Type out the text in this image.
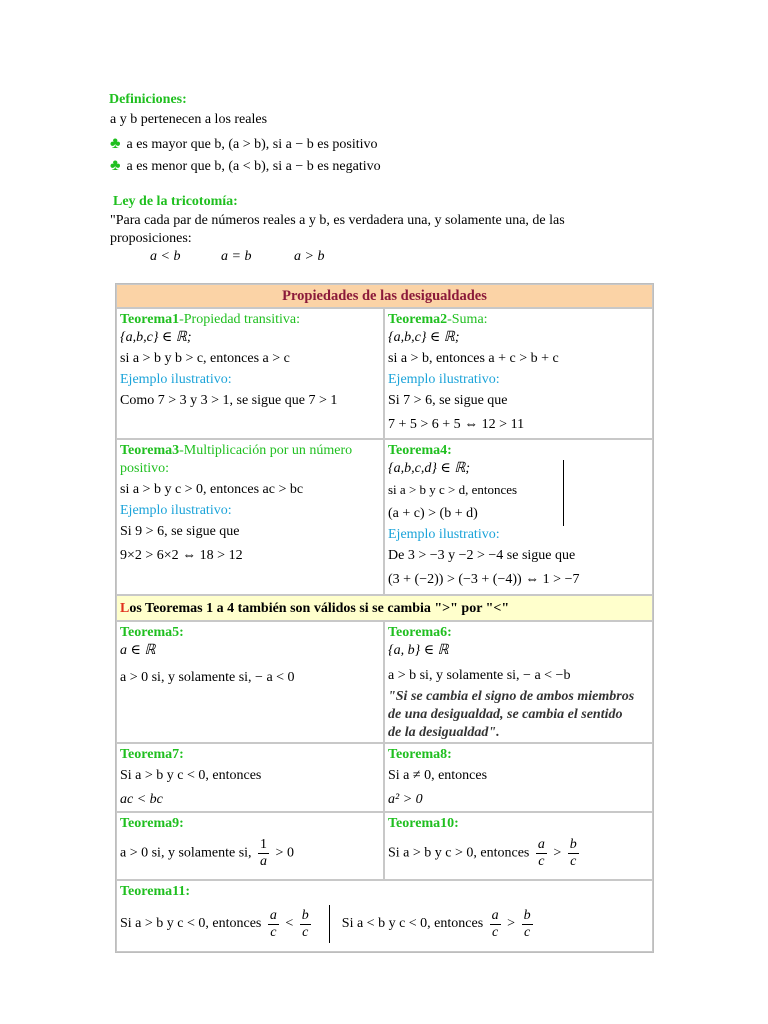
Definiciones:
a y b pertenecen a los reales
♣ a es mayor que b, (a > b), si a − b es positivo
♣ a es menor que b, (a < b), si a − b es negativo
Ley de la tricotomía:
"Para cada par de números reales a y b, es verdadera una, y solamente una, de las
proposiciones:
a < b	a = b	a > b
Propiedades de las desigualdades
Teorema1-Propiedad transitiva:
{a,b,c} ∈ ℝ;
si a > b y b > c, entonces a > c
Ejemplo ilustrativo:
Como 7 > 3 y 3 > 1, se sigue que 7 > 1
Teorema2-Suma:
{a,b,c} ∈ ℝ;
si a > b, entonces a + c > b + c
Ejemplo ilustrativo:
Si 7 > 6, se sigue que
7 + 5 > 6 + 5 ⇔ 12 > 11
Teorema3-Multiplicación por un número positivo:
si a > b y c > 0, entonces ac > bc
Ejemplo ilustrativo:
Si 9 > 6, se sigue que
9×2 > 6×2 ⇔ 18 > 12
Teorema4:
{a,b,c,d} ∈ ℝ;
si a > b y c > d, entonces
(a + c) > (b + d)
Ejemplo ilustrativo:
De 3 > −3 y −2 > −4 se sigue que
(3 + (−2)) > (−3 + (−4)) ⇔ 1 > −7
Los Teoremas 1 a 4 también son válidos si se cambia ">" por "<"
Teorema5:
a ∈ ℝ
a > 0 si, y solamente si, − a < 0
Teorema6:
{a, b} ∈ ℝ
a > b si, y solamente si, − a < −b
"Si se cambia el signo de ambos miembros
de una desigualdad, se cambia el sentido
de la desigualdad".
Teorema7:
Si a > b y c < 0, entonces
ac < bc
Teorema8:
Si a ≠ 0, entonces
a² > 0
Teorema9:
a > 0 si, y solamente si, $\frac{1}{a} > 0$
Teorema10:
Si a > b y c > 0, entonces $\frac{a}{c} > \frac{b}{c}$
Teorema11:
Si a > b y c < 0, entonces $\frac{a}{c} < \frac{b}{c}$ Si a < b y c < 0, entonces $\frac{a}{c} > \frac{b}{c}$
